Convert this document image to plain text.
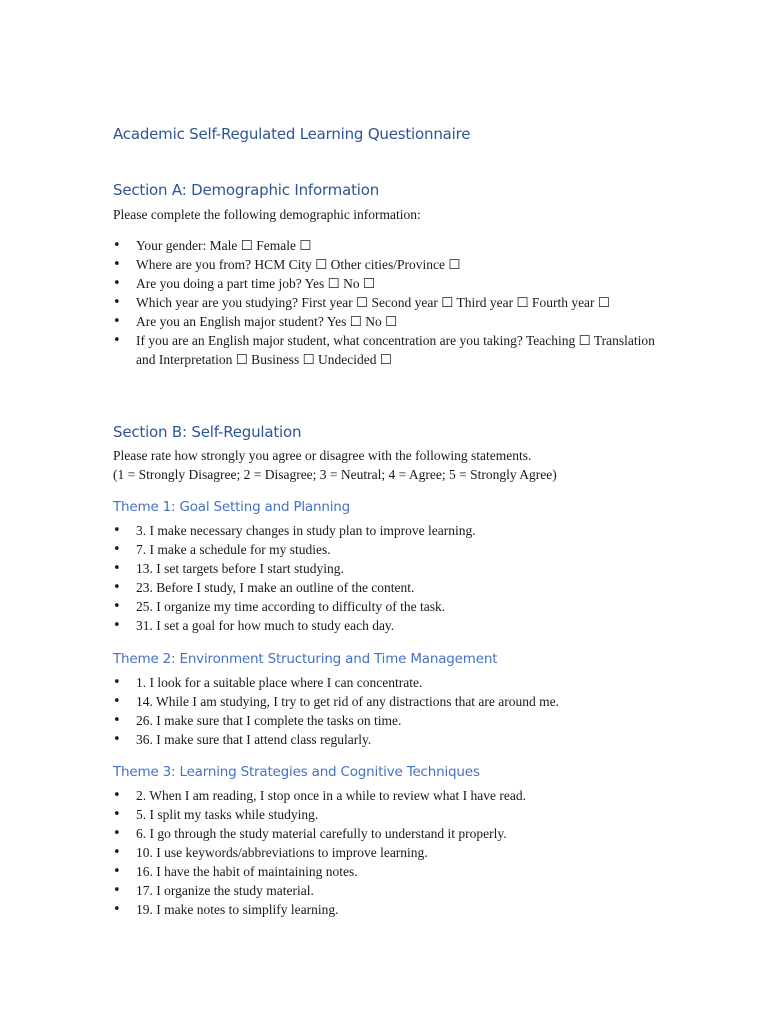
Academic Self-Regulated Learning Questionnaire
Section A: Demographic Information

Please complete the following demographic information:

• Your gender: Male ☐ Female ☐
• Where are you from? HCM City ☐ Other cities/Province ☐
• Are you doing a part time job? Yes ☐ No ☐
• Which year are you studying? First year ☐ Second year ☐ Third year ☐ Fourth year ☐
• Are you an English major student? Yes ☐ No ☐
• If you are an English major student, what concentration are you taking? Teaching ☐ Translation and Interpretation ☐ Business ☐ Undecided ☐
Section B: Self-Regulation

Please rate how strongly you agree or disagree with the following statements.

(1 = Strongly Disagree; 2 = Disagree; 3 = Neutral; 4 = Agree; 5 = Strongly Agree)

Theme 1: Goal Setting and Planning
• 3. I make necessary changes in study plan to improve learning.
• 7. I make a schedule for my studies.
• 13. I set targets before I start studying.
• 23. Before I study, I make an outline of the content.
• 25. I organize my time according to difficulty of the task.
• 31. I set a goal for how much to study each day.
Theme 2: Environment Structuring and Time Management
• 1. I look for a suitable place where I can concentrate.
• 14. While I am studying, I try to get rid of any distractions that are around me.
• 26. I make sure that I complete the tasks on time.
• 36. I make sure that I attend class regularly.
Theme 3: Learning Strategies and Cognitive Techniques
• 2. When I am reading, I stop once in a while to review what I have read.
• 5. I split my tasks while studying.
• 6. I go through the study material carefully to understand it properly.
• 10. I use keywords/abbreviations to improve learning.
• 16. I have the habit of maintaining notes.
• 17. I organize the study material.
• 19. I make notes to simplify learning.
